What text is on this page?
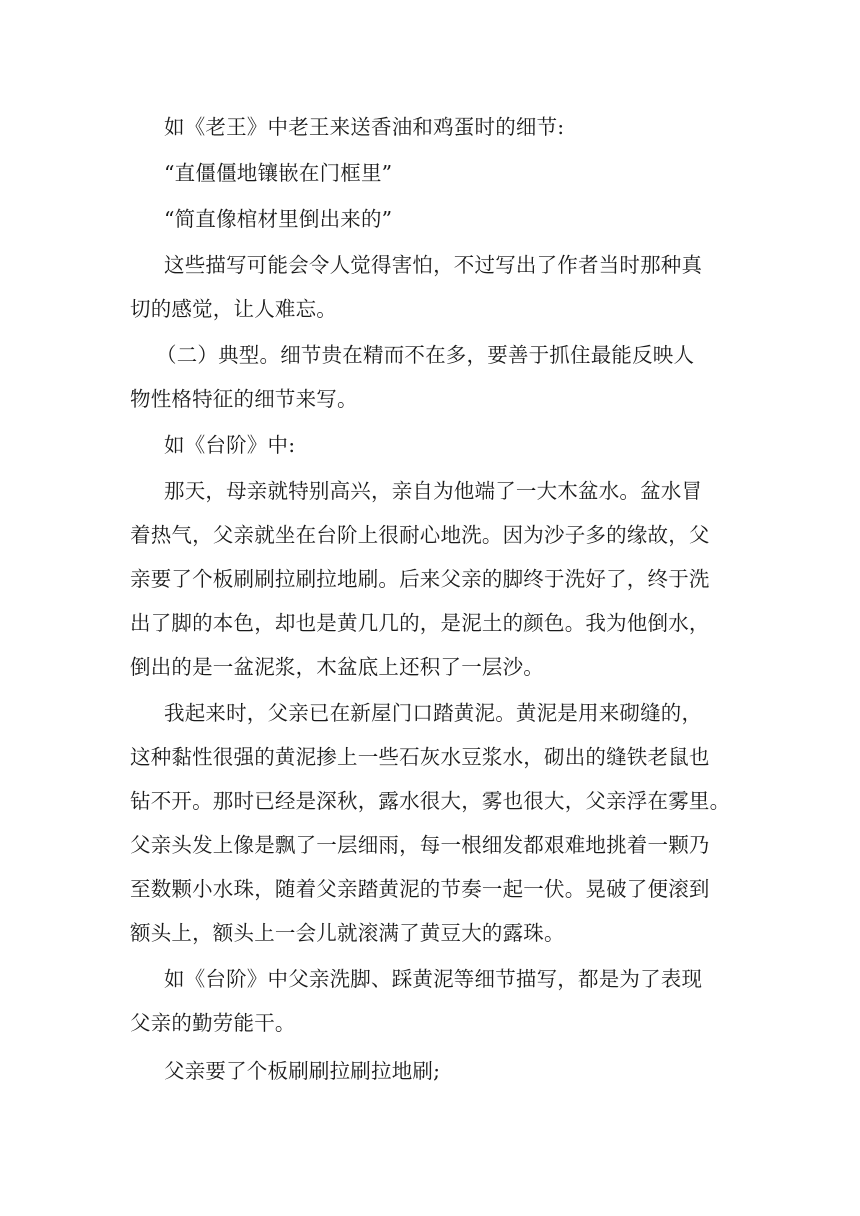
如《老王》中老王来送香油和鸡蛋时的细节:
“直僵僵地镶嵌在门框里”
“简直像棺材里倒出来的”
这些描写可能会令人觉得害怕，不过写出了作者当时那种真
切的感觉，让人难忘。
（二）典型。细节贵在精而不在多，要善于抓住最能反映人
物性格特征的细节来写。
如《台阶》中:
那天，母亲就特别高兴，亲自为他端了一大木盆水。盆水冒
着热气，父亲就坐在台阶上很耐心地洗。因为沙子多的缘故，父
亲要了个板刷刷拉刷拉地刷。后来父亲的脚终于洗好了，终于洗
出了脚的本色，却也是黄几几的，是泥土的颜色。我为他倒水，
倒出的是一盆泥浆，木盆底上还积了一层沙。
我起来时，父亲已在新屋门口踏黄泥。黄泥是用来砌缝的，
这种黏性很强的黄泥掺上一些石灰水豆浆水，砌出的缝铁老鼠也
钻不开。那时已经是深秋，露水很大，雾也很大，父亲浮在雾里。
父亲头发上像是飘了一层细雨，每一根细发都艰难地挑着一颗乃
至数颗小水珠，随着父亲踏黄泥的节奏一起一伏。晃破了便滚到
额头上，额头上一会儿就滚满了黄豆大的露珠。
如《台阶》中父亲洗脚、踩黄泥等细节描写，都是为了表现
父亲的勤劳能干。
父亲要了个板刷刷拉刷拉地刷;
